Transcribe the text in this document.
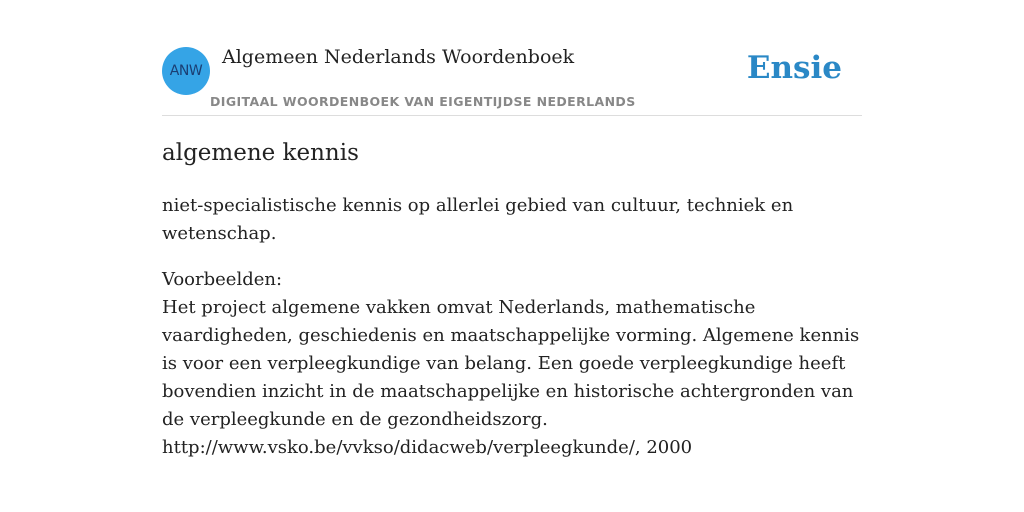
ANW
Algemeen Nederlands Woordenboek
DIGITAAL WOORDENBOEK VAN EIGENTIJDSE NEDERLANDS
Ensie
algemene kennis

niet-specialistische kennis op allerlei gebied van cultuur, techniek en wetenschap.

Voorbeelden:
Het project algemene vakken omvat Nederlands, mathematische vaardigheden, geschiedenis en maatschappelijke vorming. Algemene kennis is voor een verpleegkundige van belang. Een goede verpleegkundige heeft bovendien inzicht in de maatschappelijke en historische achtergronden van de verpleegkunde en de gezondheidszorg.
http://www.vsko.be/vvkso/didacweb/verpleegkunde/, 2000
